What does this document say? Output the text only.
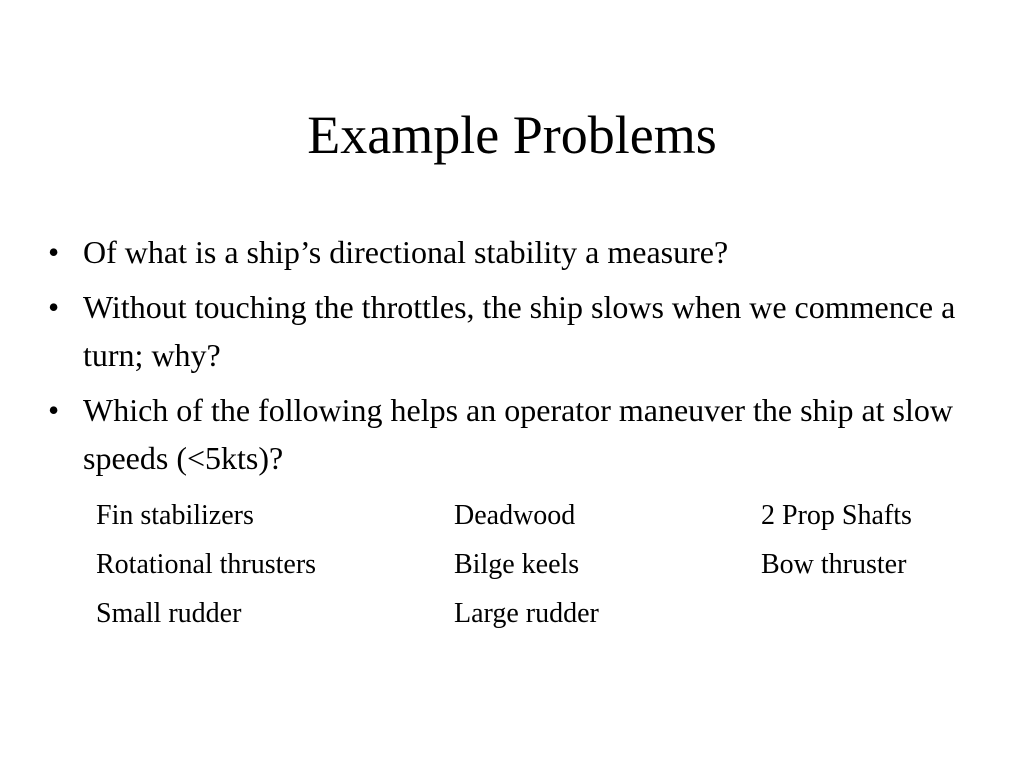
Example Problems
• Of what is a ship’s directional stability a measure?
• Without touching the throttles, the ship slows when we commence a turn; why?
• Which of the following helps an operator maneuver the ship at slow speeds (<5kts)?
Fin stabilizers	Deadwood	2 Prop Shafts
Rotational thrusters	Bilge keels	Bow thruster
Small rudder	Large rudder
